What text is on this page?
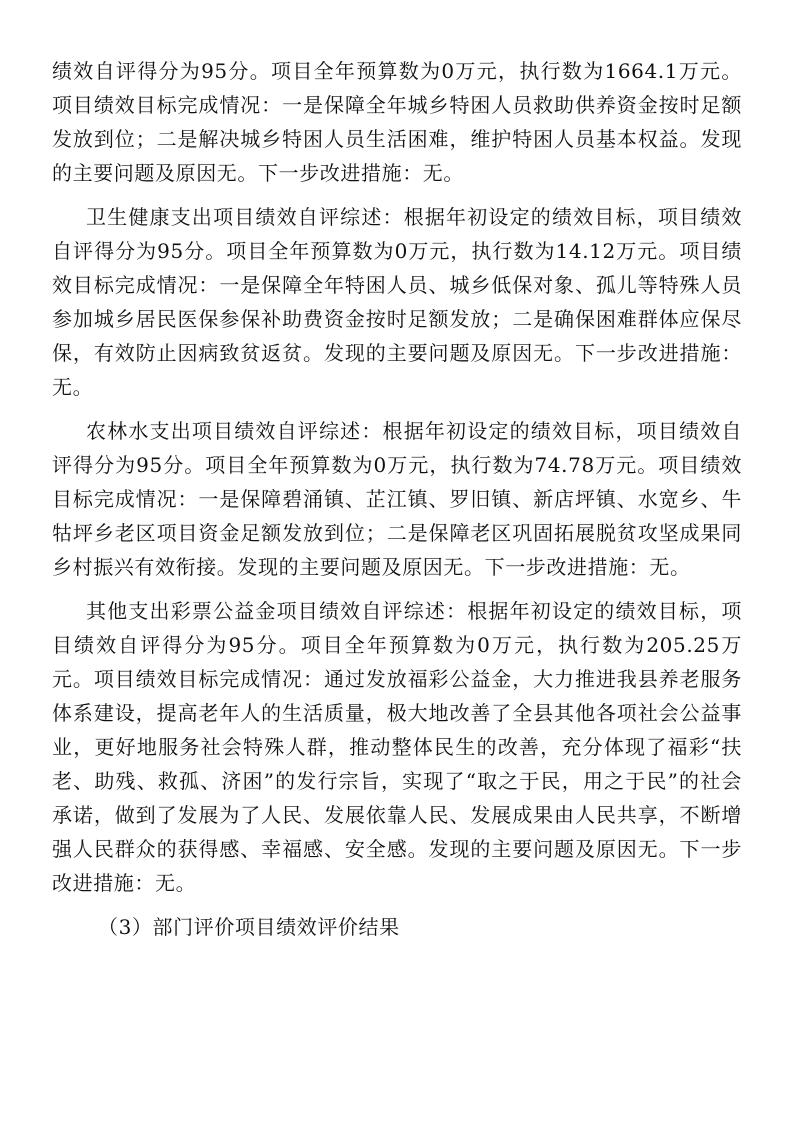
绩效自评得分为95分。项目全年预算数为0万元，执行数为1664.1万元。项目绩效目标完成情况：一是保障全年城乡特困人员救助供养资金按时足额发放到位；二是解决城乡特困人员生活困难，维护特困人员基本权益。发现的主要问题及原因无。下一步改进措施：无。

卫生健康支出项目绩效自评综述：根据年初设定的绩效目标，项目绩效自评得分为95分。项目全年预算数为0万元，执行数为14.12万元。项目绩效目标完成情况：一是保障全年特困人员、城乡低保对象、孤儿等特殊人员参加城乡居民医保参保补助费资金按时足额发放；二是确保困难群体应保尽保，有效防止因病致贫返贫。发现的主要问题及原因无。下一步改进措施：无。

农林水支出项目绩效自评综述：根据年初设定的绩效目标，项目绩效自评得分为95分。项目全年预算数为0万元，执行数为74.78万元。项目绩效目标完成情况：一是保障碧涌镇、芷江镇、罗旧镇、新店坪镇、水宽乡、牛牯坪乡老区项目资金足额发放到位；二是保障老区巩固拓展脱贫攻坚成果同乡村振兴有效衔接。发现的主要问题及原因无。下一步改进措施：无。

其他支出彩票公益金项目绩效自评综述：根据年初设定的绩效目标，项目绩效自评得分为95分。项目全年预算数为0万元，执行数为205.25万元。项目绩效目标完成情况：通过发放福彩公益金，大力推进我县养老服务体系建设，提高老年人的生活质量，极大地改善了全县其他各项社会公益事业，更好地服务社会特殊人群，推动整体民生的改善，充分体现了福彩“扶老、助残、救孤、济困”的发行宗旨，实现了“取之于民，用之于民”的社会承诺，做到了发展为了人民、发展依靠人民、发展成果由人民共享，不断增强人民群众的获得感、幸福感、安全感。发现的主要问题及原因无。下一步改进措施：无。

（3）部门评价项目绩效评价结果
